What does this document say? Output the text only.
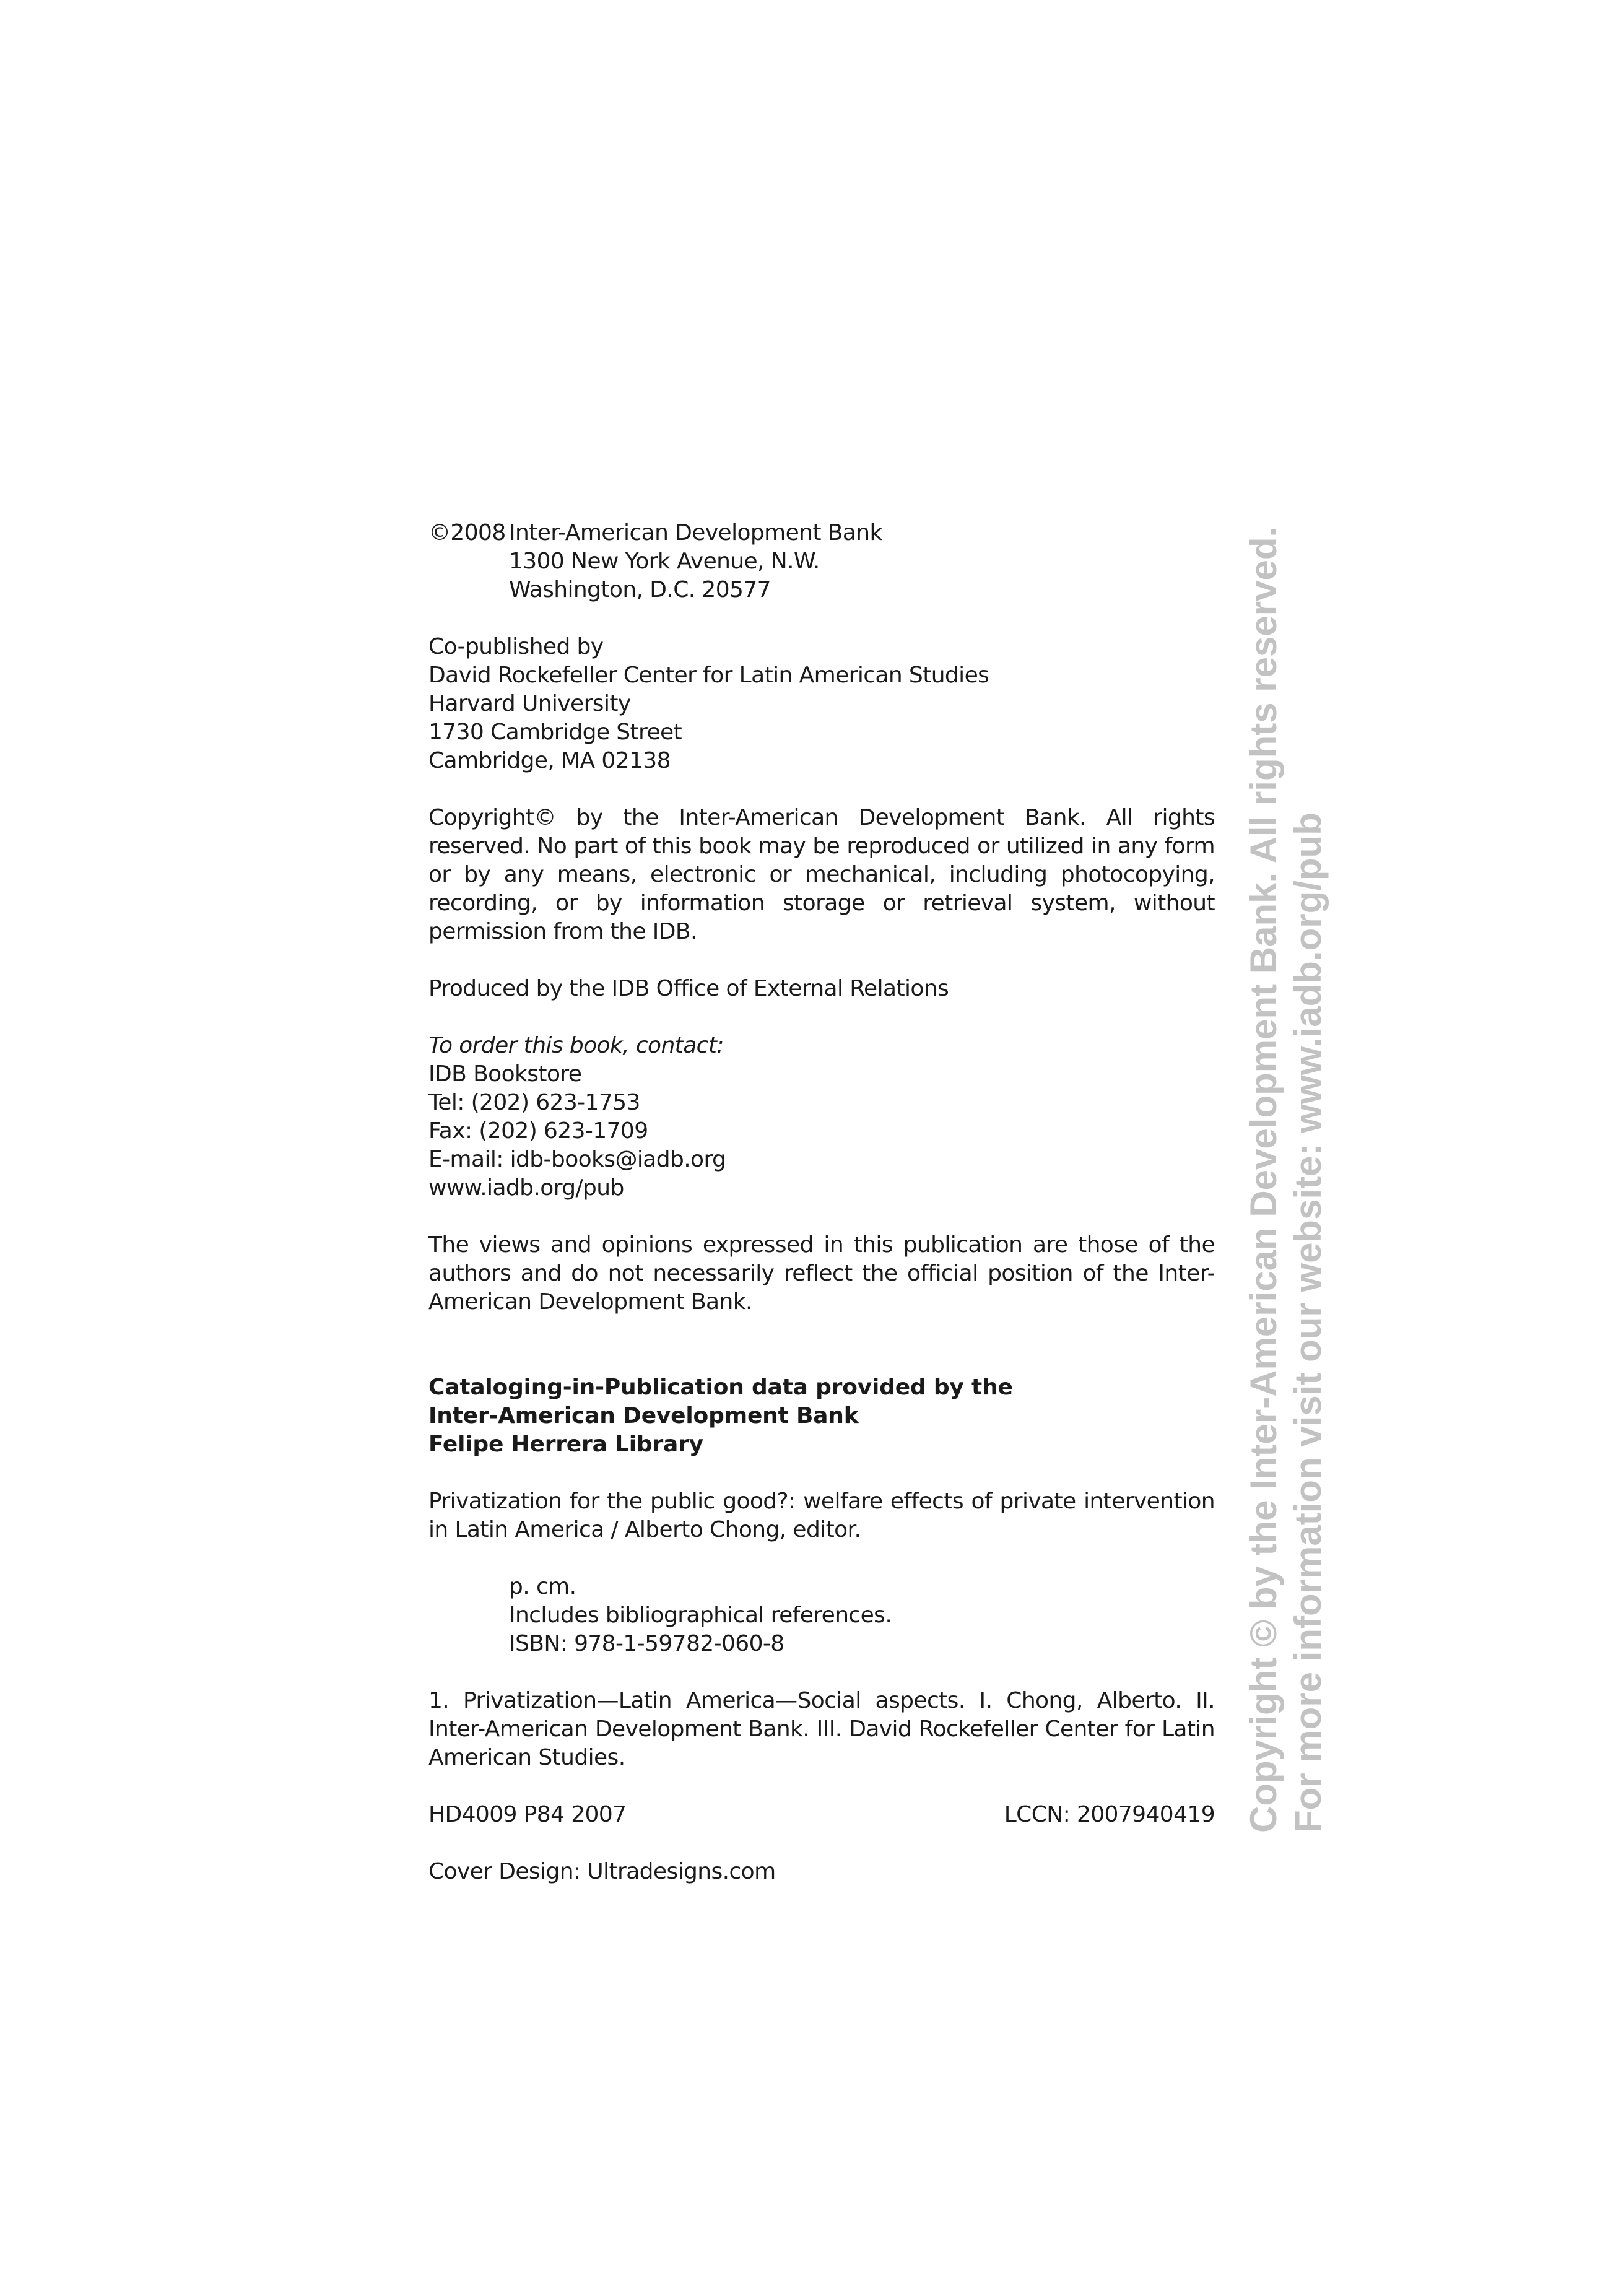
©2008 Inter-American Development Bank
1300 New York Avenue, N.W.
Washington, D.C. 20577
Co-published by
David Rockefeller Center for Latin American Studies
Harvard University
1730 Cambridge Street
Cambridge, MA 02138

Copyright© by the Inter-American Development Bank. All rights reserved. No part of this book may be reproduced or utilized in any form or by any means, electronic or mechanical, including photocopying, recording, or by information storage or retrieval system, without permission from the IDB.

Produced by the IDB Office of External Relations
To order this book, contact:
IDB Bookstore
Tel: (202) 623-1753
Fax: (202) 623-1709
E-mail: idb-books@iadb.org
www.iadb.org/pub

The views and opinions expressed in this publication are those of the authors and do not necessarily reflect the official position of the Inter-American Development Bank.

Cataloging-in-Publication data provided by the
Inter-American Development Bank
Felipe Herrera Library

Privatization for the public good?: welfare effects of private intervention in Latin America / Alberto Chong, editor.

p. cm.
Includes bibliographical references.
ISBN: 978-1-59782-060-8

1. Privatization—Latin America—Social aspects. I. Chong, Alberto. II. Inter-American Development Bank. III. David Rockefeller Center for Latin American Studies.

HD4009 P84 2007	LCCN: 2007940419
Cover Design: Ultradesigns.com
Copyright © by the Inter-American Development Bank. All rights reserved. For more information visit our website: www.iadb.org/pub
